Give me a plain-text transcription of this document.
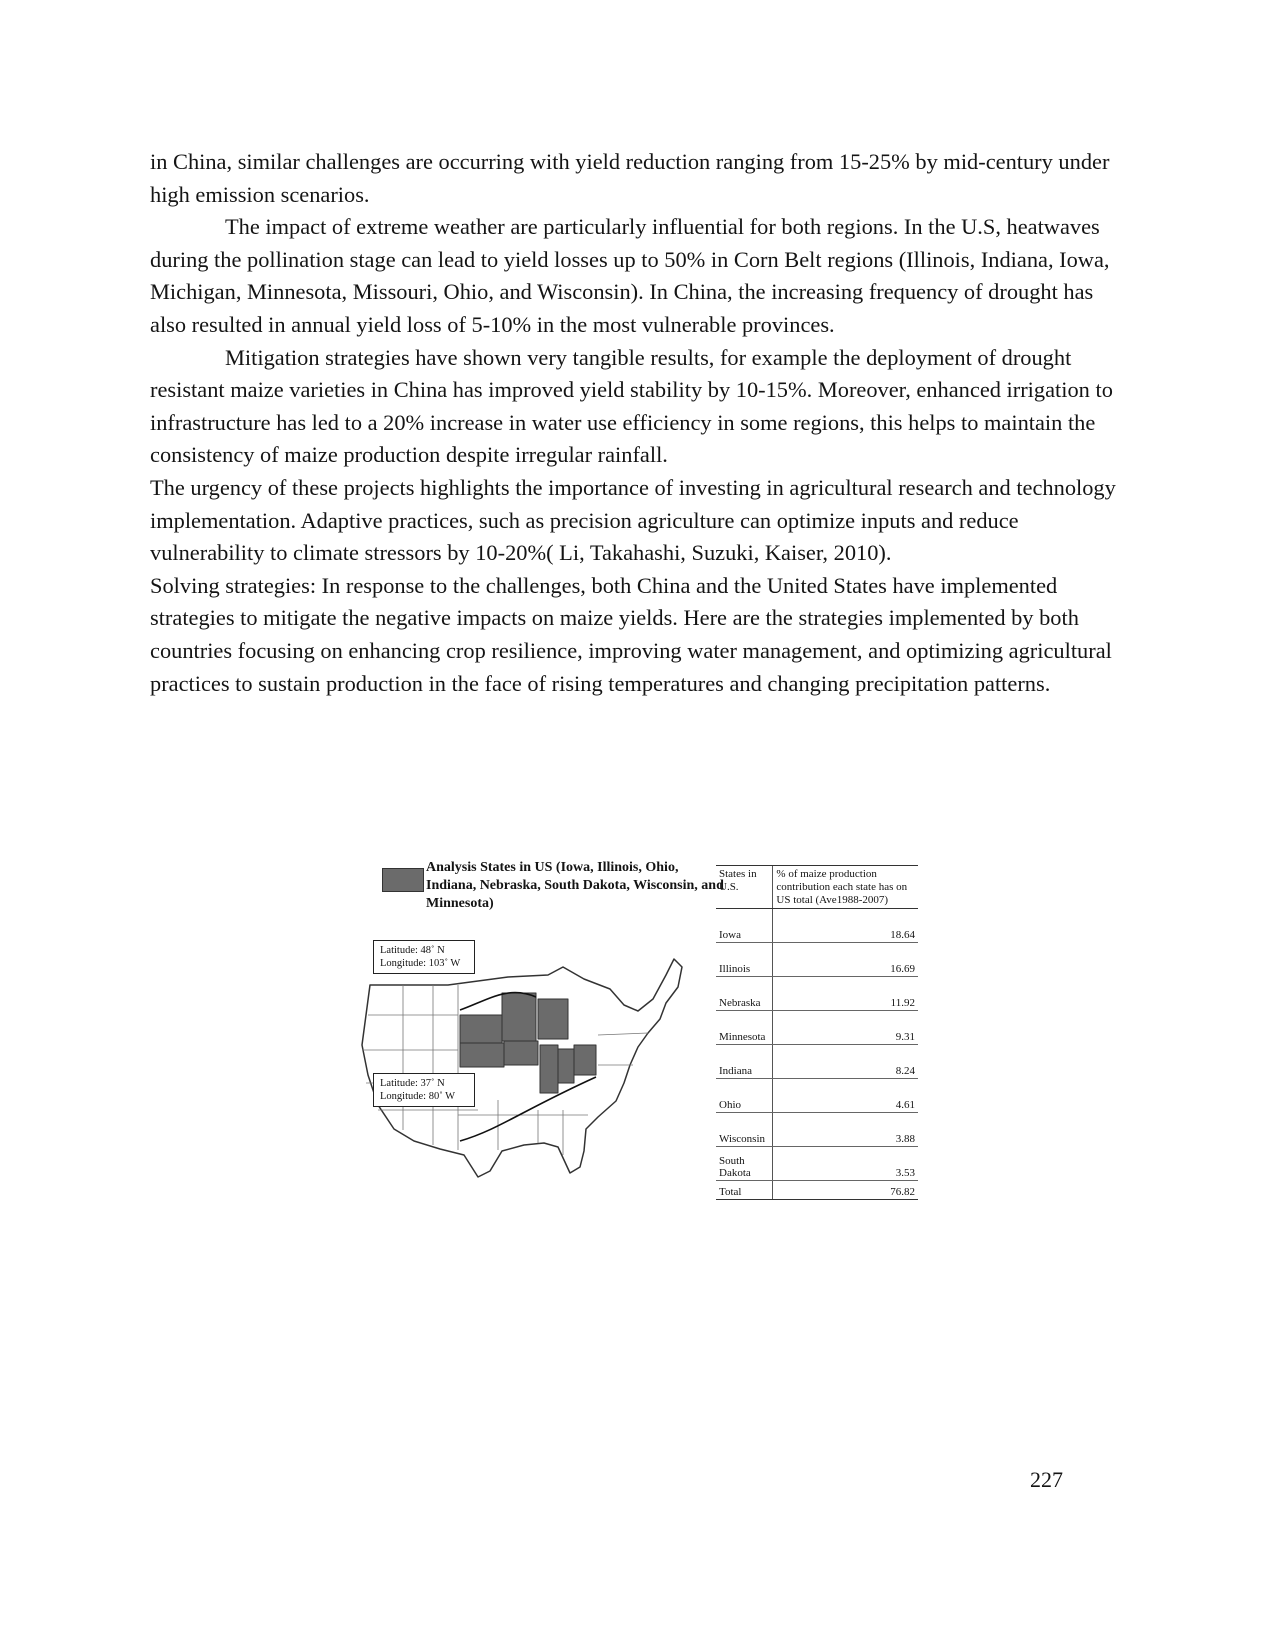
in China, similar challenges are occurring with yield reduction ranging from 15-25% by mid-century under high emission scenarios.

The impact of extreme weather are particularly influential for both regions. In the U.S, heatwaves during the pollination stage can lead to yield losses up to 50% in Corn Belt regions (Illinois, Indiana, Iowa, Michigan, Minnesota, Missouri, Ohio, and Wisconsin). In China, the increasing frequency of drought has also resulted in annual yield loss of 5-10% in the most vulnerable provinces.

Mitigation strategies have shown very tangible results, for example the deployment of drought resistant maize varieties in China has improved yield stability by 10-15%. Moreover, enhanced irrigation to infrastructure has led to a 20% increase in water use efficiency in some regions, this helps to maintain the consistency of maize production despite irregular rainfall.

The urgency of these projects highlights the importance of investing in agricultural research and technology implementation. Adaptive practices, such as precision agriculture can optimize inputs and reduce vulnerability to climate stressors by 10-20%( Li, Takahashi, Suzuki, Kaiser, 2010).

Solving strategies: In response to the challenges, both China and the United States have implemented strategies to mitigate the negative impacts on maize yields. Here are the strategies implemented by both countries focusing on enhancing crop resilience, improving water management, and optimizing agricultural practices to sustain production in the face of rising temperatures and changing precipitation patterns.

Analysis States in US (Iowa, Illinois, Ohio, Indiana, Nebraska, South Dakota, Wisconsin, and Minnesota)
Latitude: 48˚ N
Longitude: 103˚ W
Latitude: 37˚ N
Longitude: 80˚ W
States in U.S.	% of maize production contribution each state has on US total (Ave1988-2007)
Iowa	18.64
Illinois	16.69
Nebraska	11.92
Minnesota	9.31
Indiana	8.24
Ohio	4.61
Wisconsin	3.88
South Dakota	3.53
Total	76.82
227
